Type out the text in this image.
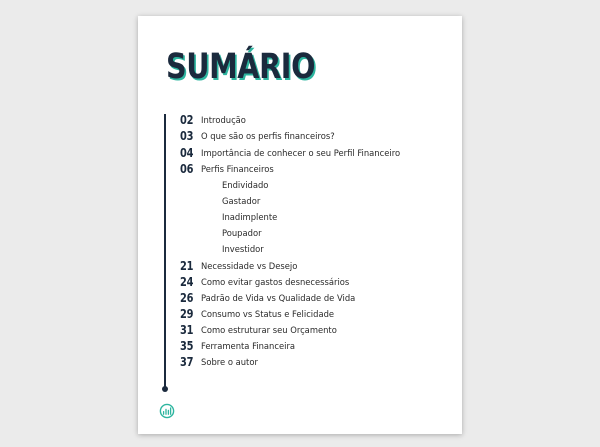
SUMÁRIO
02 Introdução
03 O que são os perfis financeiros?
04 Importância de conhecer o seu Perfil Financeiro
06 Perfis Financeiros
Endividado
Gastador
Inadimplente
Poupador
Investidor
21 Necessidade vs Desejo
24 Como evitar gastos desnecessários
26 Padrão de Vida vs Qualidade de Vida
29 Consumo vs Status e Felicidade
31 Como estruturar seu Orçamento
35 Ferramenta Financeira
37 Sobre o autor
